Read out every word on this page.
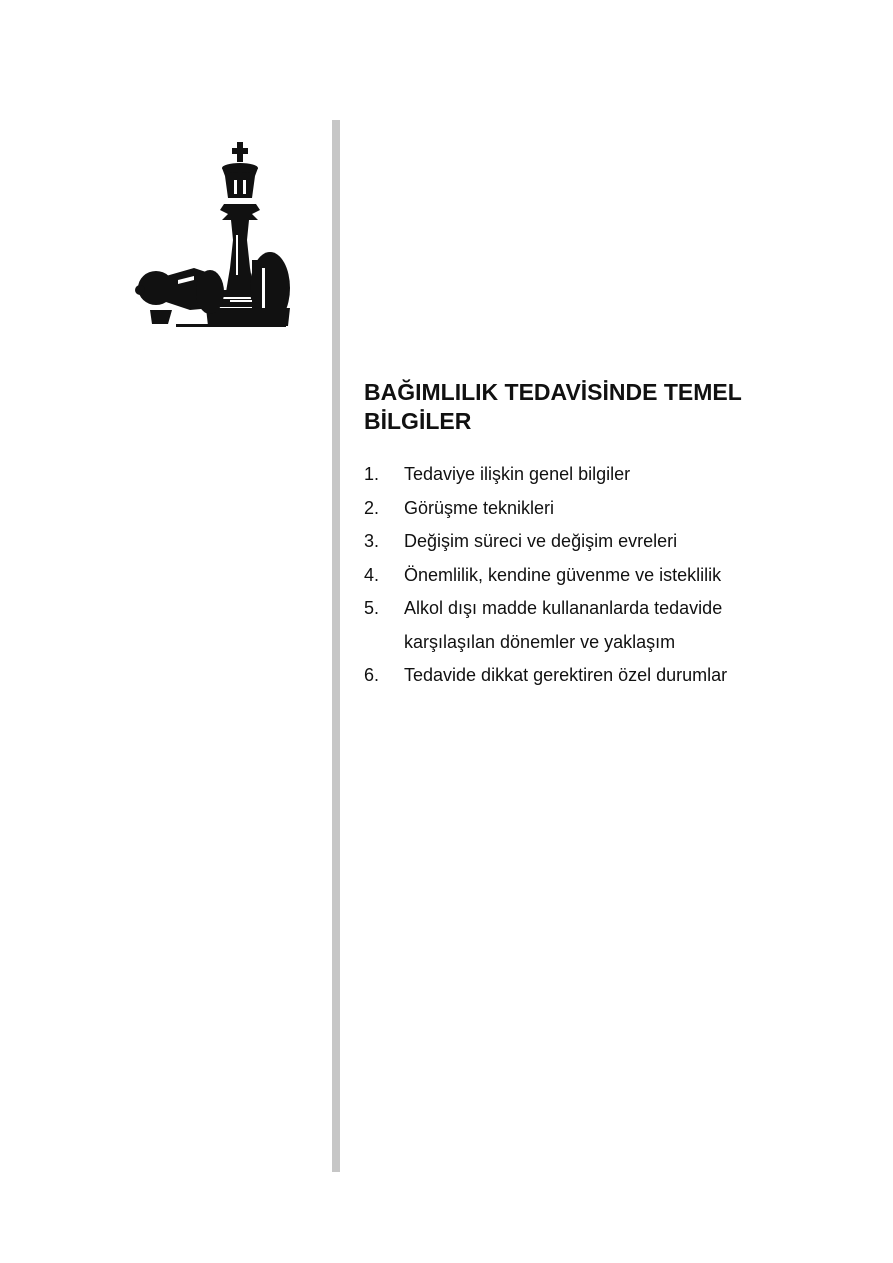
BAĞIMLILIK TEDAVİSİNDE TEMEL
BİLGİLER
1.	Tedaviye ilişkin genel bilgiler
2.	Görüşme teknikleri
3.	Değişim süreci ve değişim evreleri
4.	Önemlilik, kendine güvenme ve isteklilik
5.	Alkol dışı madde kullananlarda tedavide karşılaşılan dönemler ve yaklaşım
6.	Tedavide dikkat gerektiren özel durumlar
